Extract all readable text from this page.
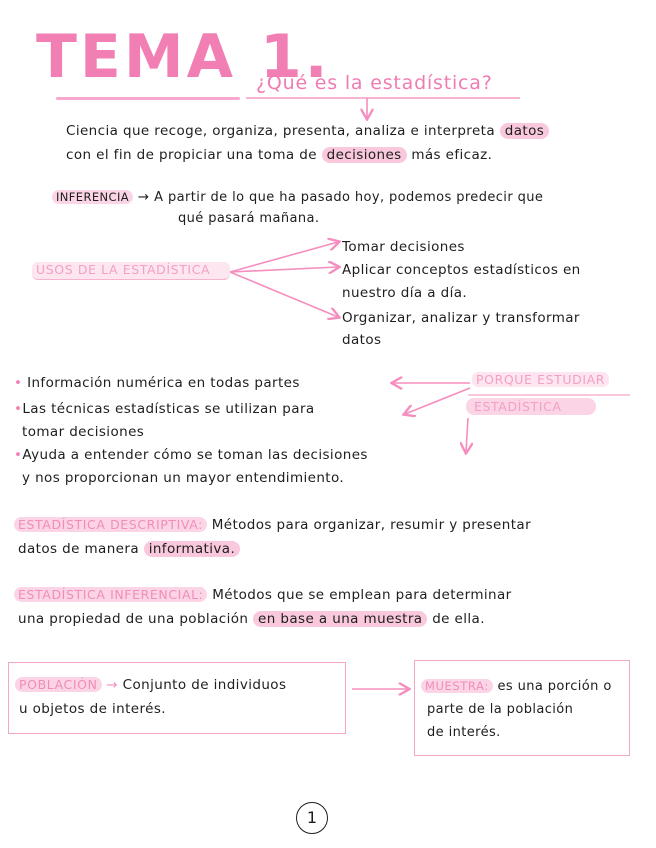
TEMA 1.
¿Qué es la estadística?
Ciencia que recoge, organiza, presenta, analiza e interpreta datos
con el fin de propiciar una toma de decisiones más eficaz.
INFERENCIA → A partir de lo que ha pasado hoy, podemos predecir que
qué pasará mañana.
USOS DE LA ESTADÍSTICA
Tomar decisiones
Aplicar conceptos estadísticos en
nuestro día a día.
Organizar, analizar y transformar
datos
PORQUE ESTUDIAR
ESTADÍSTICA
• Información numérica en todas partes
•Las técnicas estadísticas se utilizan para
tomar decisiones
•Ayuda a entender cómo se toman las decisiones
y nos proporcionan un mayor entendimiento.
ESTADÍSTICA DESCRIPTIVA: Métodos para organizar, resumir y presentar
datos de manera informativa.
ESTADÍSTICA INFERENCIAL: Métodos que se emplean para determinar
una propiedad de una población en base a una muestra de ella.
POBLACIÓN → Conjunto de individuos
u objetos de interés.
MUESTRA: es una porción o
parte de la población
de interés.
1
